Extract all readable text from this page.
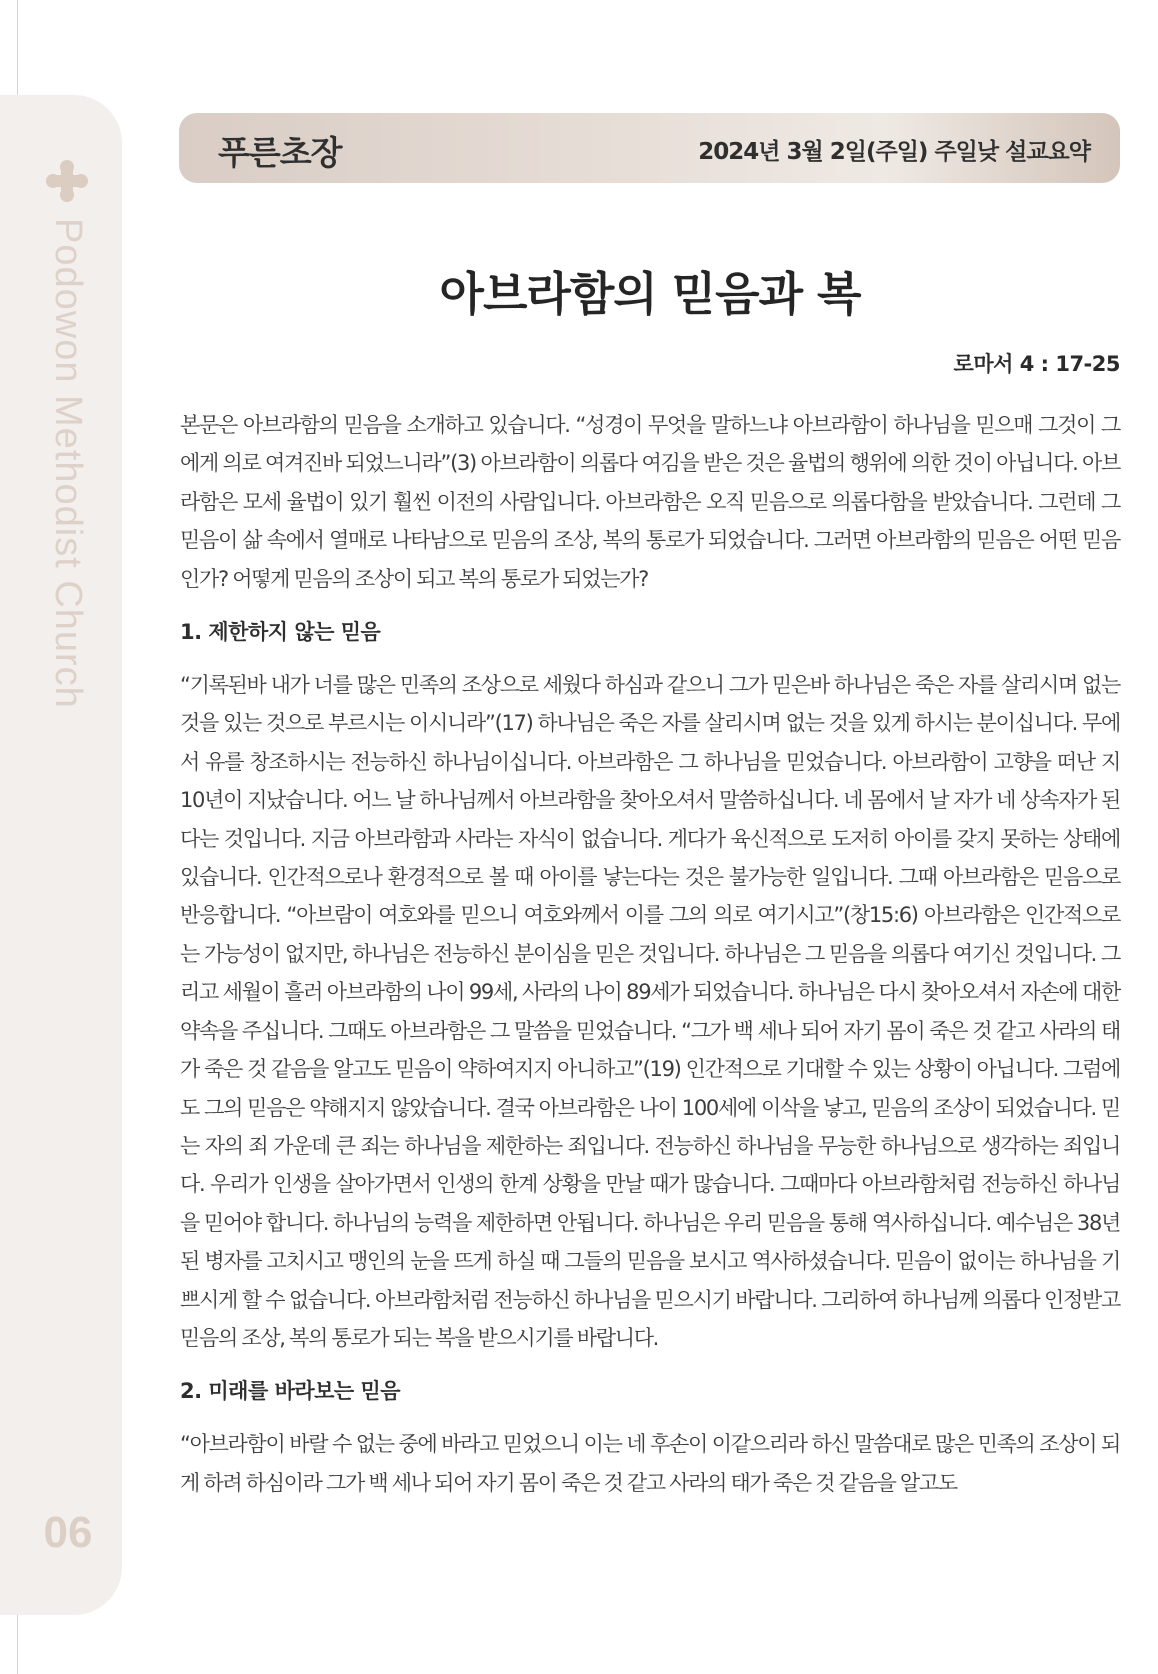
Podowon Methodist Church
06
푸른초장	2024년 3월 2일(주일) 주일낮 설교요약
아브라함의 믿음과 복
로마서 4 : 17-25

본문은 아브라함의 믿음을 소개하고 있습니다. “성경이 무엇을 말하느냐 아브라함이 하나님을 믿으매 그것이 그에게 의로 여겨진바 되었느니라”(3) 아브라함이 의롭다 여김을 받은 것은 율법의 행위에 의한 것이 아닙니다. 아브라함은 모세 율법이 있기 훨씬 이전의 사람입니다. 아브라함은 오직 믿음으로 의롭다함을 받았습니다. 그런데 그 믿음이 삶 속에서 열매로 나타남으로 믿음의 조상, 복의 통로가 되었습니다. 그러면 아브라함의 믿음은 어떤 믿음인가? 어떻게 믿음의 조상이 되고 복의 통로가 되었는가?

1. 제한하지 않는 믿음

“기록된바 내가 너를 많은 민족의 조상으로 세웠다 하심과 같으니 그가 믿은바 하나님은 죽은 자를 살리시며 없는 것을 있는 것으로 부르시는 이시니라”(17) 하나님은 죽은 자를 살리시며 없는 것을 있게 하시는 분이십니다. 무에서 유를 창조하시는 전능하신 하나님이십니다. 아브라함은 그 하나님을 믿었습니다. 아브라함이 고향을 떠난 지 10년이 지났습니다. 어느 날 하나님께서 아브라함을 찾아오셔서 말씀하십니다. 네 몸에서 날 자가 네 상속자가 된다는 것입니다. 지금 아브라함과 사라는 자식이 없습니다. 게다가 육신적으로 도저히 아이를 갖지 못하는 상태에 있습니다. 인간적으로나 환경적으로 볼 때 아이를 낳는다는 것은 불가능한 일입니다. 그때 아브라함은 믿음으로 반응합니다. “아브람이 여호와를 믿으니 여호와께서 이를 그의 의로 여기시고”(창15:6) 아브라함은 인간적으로는 가능성이 없지만, 하나님은 전능하신 분이심을 믿은 것입니다. 하나님은 그 믿음을 의롭다 여기신 것입니다. 그리고 세월이 흘러 아브라함의 나이 99세, 사라의 나이 89세가 되었습니다. 하나님은 다시 찾아오셔서 자손에 대한 약속을 주십니다. 그때도 아브라함은 그 말씀을 믿었습니다. “그가 백 세나 되어 자기 몸이 죽은 것 같고 사라의 태가 죽은 것 같음을 알고도 믿음이 약하여지지 아니하고”(19) 인간적으로 기대할 수 있는 상황이 아닙니다. 그럼에도 그의 믿음은 약해지지 않았습니다. 결국 아브라함은 나이 100세에 이삭을 낳고, 믿음의 조상이 되었습니다. 믿는 자의 죄 가운데 큰 죄는 하나님을 제한하는 죄입니다. 전능하신 하나님을 무능한 하나님으로 생각하는 죄입니다. 우리가 인생을 살아가면서 인생의 한계 상황을 만날 때가 많습니다. 그때마다 아브라함처럼 전능하신 하나님을 믿어야 합니다. 하나님의 능력을 제한하면 안됩니다. 하나님은 우리 믿음을 통해 역사하십니다. 예수님은 38년된 병자를 고치시고 맹인의 눈을 뜨게 하실 때 그들의 믿음을 보시고 역사하셨습니다. 믿음이 없이는 하나님을 기쁘시게 할 수 없습니다. 아브라함처럼 전능하신 하나님을 믿으시기 바랍니다. 그리하여 하나님께 의롭다 인정받고 믿음의 조상, 복의 통로가 되는 복을 받으시기를 바랍니다.

2. 미래를 바라보는 믿음

“아브라함이 바랄 수 없는 중에 바라고 믿었으니 이는 네 후손이 이같으리라 하신 말씀대로 많은 민족의 조상이 되게 하려 하심이라 그가 백 세나 되어 자기 몸이 죽은 것 같고 사라의 태가 죽은 것 같음을 알고도
